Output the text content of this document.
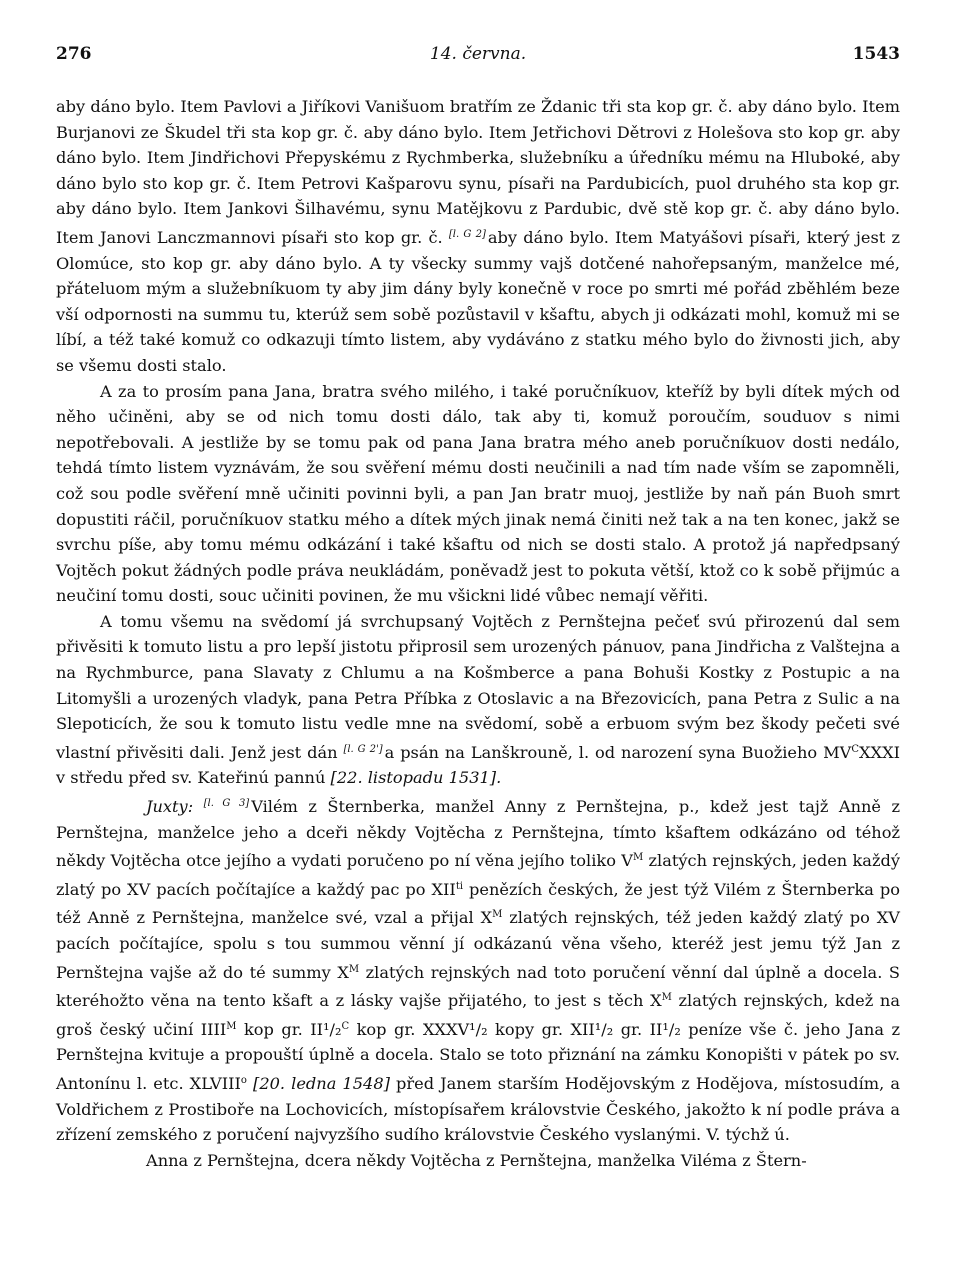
276	14. června.	1543

aby dáno bylo. Item Pavlovi a Jiříkovi Vanišuom bratřím ze Ždanic tři sta kop gr. č. aby dáno bylo. Item Burjanovi ze Škudel tři sta kop gr. č. aby dáno bylo. Item Jetřichovi Dětrovi z Holešova sto kop gr. aby dáno bylo. Item Jindřichovi Přepyskému z Rychmberka, služebníku a úředníku mému na Hluboké, aby dáno bylo sto kop gr. č. Item Petrovi Kašparovu synu, písaři na Pardubicích, puol druhého sta kop gr. aby dáno bylo. Item Jankovi Šilhavému, synu Matějkovu z Pardubic, dvě stě kop gr. č. aby dáno bylo. Item Janovi Lanczmannovi písaři sto kop gr. č. [l. G 2] aby dáno bylo. Item Matyášovi písaři, který jest z Olomúce, sto kop gr. aby dáno bylo. A ty všecky summy vajš dotčené nahořepsaným, manželce mé, přáteluom mým a služebníkuom ty aby jim dány byly konečně v roce po smrti mé pořád zběhlém beze vší odpornosti na summu tu, kterúž sem sobě pozůstavil v kšaftu, abych ji odkázati mohl, komuž mi se líbí, a též také komuž co odkazuji tímto listem, aby vydáváno z statku mého bylo do živnosti jich, aby se všemu dosti stalo.

A za to prosím pana Jana, bratra svého milého, i také poručníkuov, kteříž by byli dítek mých od něho učiněni, aby se od nich tomu dosti dálo, tak aby ti, komuž poroučím, souduov s nimi nepotřebovali. A jestliže by se tomu pak od pana Jana bratra mého aneb poručníkuov dosti nedálo, tehdá tímto listem vyznávám, že sou svěření mému dosti neučinili a nad tím nade vším se zapomněli, což sou podle svěření mně učiniti povinni byli, a pan Jan bratr muoj, jestliže by naň pán Buoh smrt dopustiti ráčil, poručníkuov statku mého a dítek mých jinak nemá činiti než tak a na ten konec, jakž se svrchu píše, aby tomu mému odkázání i také kšaftu od nich se dosti stalo. A protož já napředpsaný Vojtěch pokut žádných podle práva neukládám, poněvadž jest to pokuta větší, ktož co k sobě přijmúc a neučiní tomu dosti, souc učiniti povinen, že mu všickni lidé vůbec nemají věřiti.

A tomu všemu na svědomí já svrchupsaný Vojtěch z Pernštejna pečeť svú přirozenú dal sem přivěsiti k tomuto listu a pro lepší jistotu připrosil sem urozených pánuov, pana Jindřicha z Valštejna a na Rychmburce, pana Slavaty z Chlumu a na Košmberce a pana Bohuši Kostky z Postupic a na Litomyšli a urozených vladyk, pana Petra Příbka z Otoslavic a na Březovicích, pana Petra z Sulic a na Slepoticích, že sou k tomuto listu vedle mne na svědomí, sobě a erbuom svým bez škody pečeti své vlastní přivěsiti dali. Jenž jest dán [l. G 2'] a psán na Lanškrouně, l. od narození syna Buožieho $MV^CXXXI$ v středu před sv. Kateřinú pannú [22. listopadu 1531].

Juxty: [l. G 3] Vilém z Šternberka, manžel Anny z Pernštejna, p., kdež jest tajž Anně z Pernštejna, manželce jeho a dceři někdy Vojtěcha z Pernštejna, tímto kšaftem odkázáno od téhož někdy Vojtěcha otce jejího a vydati poručeno po ní věna jejího toliko $V^M$ zlatých rejnských, jeden každý zlatý po XV pacích počítajíce a každý pac po $XII^{ti}$ penězích českých, že jest týž Vilém z Šternberka po též Anně z Pernštejna, manželce své, vzal a přijal $X^M$ zlatých rejnských, též jeden každý zlatý po XV pacích počítajíce, spolu s tou summou věnní jí odkázanú věna všeho, kteréž jest jemu týž Jan z Pernštejna vajše až do té summy $X^M$ zlatých rejnských nad toto poručení věnní dal úplně a docela. S kteréhožto věna na tento kšaft a z lásky vajše přijatého, to jest s těch $X^M$ zlatých rejnských, kdež na groš český učiní $IIII^M$ kop gr. II¹/₂$^C$ kop gr. XXXV¹/₂ kopy gr. XII¹/₂ gr. II¹/₂ peníze vše č. jeho Jana z Pernštejna kvituje a propouští úplně a docela. Stalo se toto přiznání na zámku Konopišti v pátek po sv. Antonínu l. etc. XLVIII$^o$ [20. ledna 1548] před Janem starším Hodějovským z Hodějova, místosudím, a Voldřichem z Prostiboře na Lochovicích, místopísařem královstvie Českého, jakožto k ní podle práva a zřízení zemského z poručení najvyzšího sudího královstvie Českého vyslanými. V. týchž ú.

Anna z Pernštejna, dcera někdy Vojtěcha z Pernštejna, manželka Viléma z Štern-
